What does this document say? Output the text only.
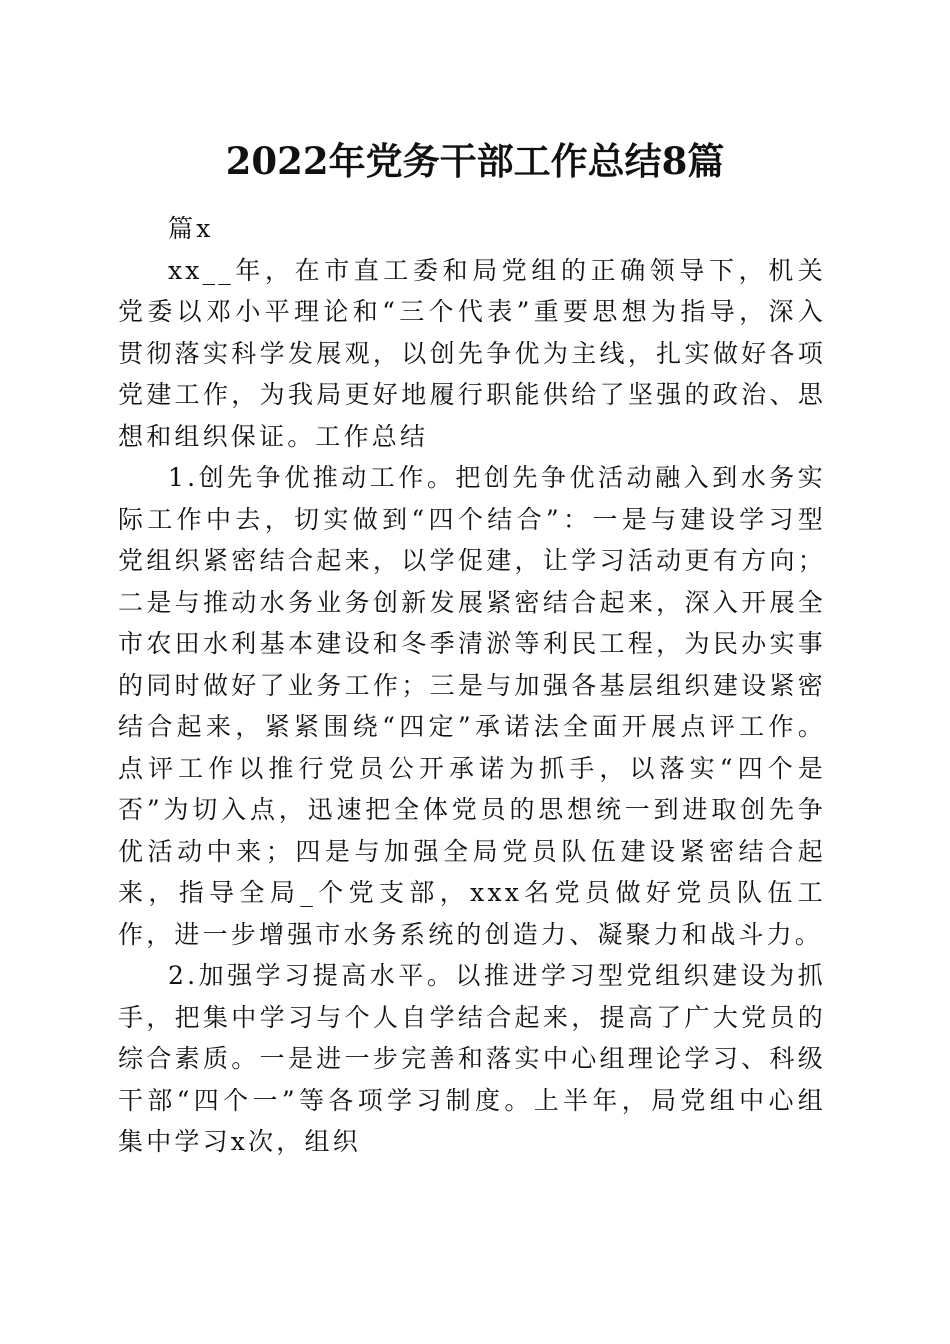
2022年党务干部工作总结8篇

篇x

xx__年，在市直工委和局党组的正确领导下，机关党委以邓小平理论和“三个代表”重要思想为指导，深入贯彻落实科学发展观，以创先争优为主线，扎实做好各项党建工作，为我局更好地履行职能供给了坚强的政治、思想和组织保证。工作总结

1.创先争优推动工作。把创先争优活动融入到水务实际工作中去，切实做到“四个结合”：一是与建设学习型党组织紧密结合起来，以学促建，让学习活动更有方向；二是与推动水务业务创新发展紧密结合起来，深入开展全市农田水利基本建设和冬季清淤等利民工程，为民办实事的同时做好了业务工作；三是与加强各基层组织建设紧密结合起来，紧紧围绕“四定”承诺法全面开展点评工作。点评工作以推行党员公开承诺为抓手，以落实“四个是否”为切入点，迅速把全体党员的思想统一到进取创先争优活动中来；四是与加强全局党员队伍建设紧密结合起来，指导全局_个党支部，xxx名党员做好党员队伍工作，进一步增强市水务系统的创造力、凝聚力和战斗力。

2.加强学习提高水平。以推进学习型党组织建设为抓手，把集中学习与个人自学结合起来，提高了广大党员的综合素质。一是进一步完善和落实中心组理论学习、科级干部“四个一”等各项学习制度。上半年，局党组中心组集中学习x次，组织
